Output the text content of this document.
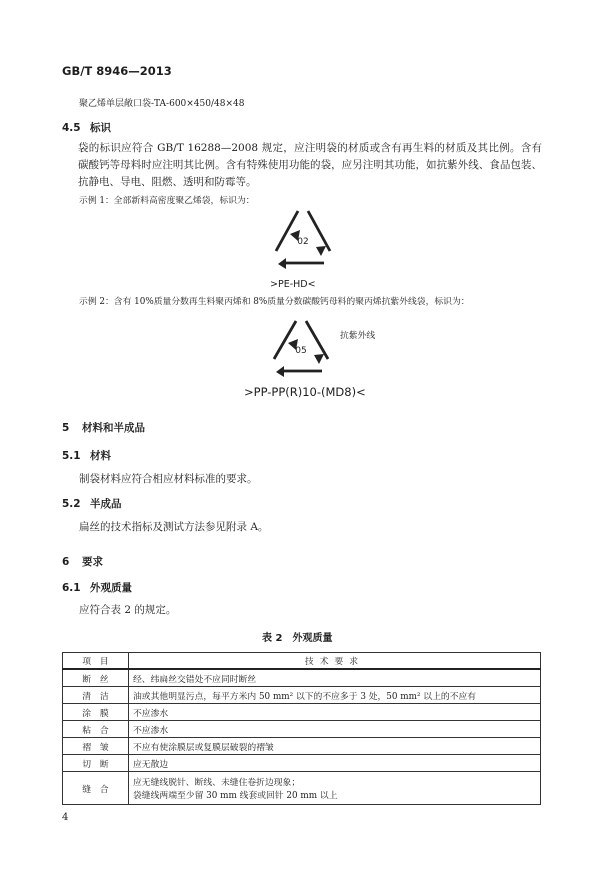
GB/T 8946—2013
聚乙烯单层敞口袋-TA-600×450/48×48
4.5 标识
袋的标识应符合 GB/T 16288—2008 规定，应注明袋的材质或含有再生料的材质及其比例。含有碳酸钙等母料时应注明其比例。含有特殊使用功能的袋，应另注明其功能，如抗紫外线、食品包装、抗静电、导电、阻燃、透明和防霉等。
示例 1：全部新料高密度聚乙烯袋，标识为：
02
>PE-HD<
示例 2：含有 10%质量分数再生料聚丙烯和 8%质量分数碳酸钙母料的聚丙烯抗紫外线袋，标识为：
05
抗紫外线
>PP-PP(R)10-(MD8)<
5 材料和半成品
5.1 材料
制袋材料应符合相应材料标准的要求。
5.2 半成品
扁丝的技术指标及测试方法参见附录 A。
6 要求
6.1 外观质量
应符合表 2 的规定。
表 2　外观质量
项　目	技术要求
断　丝	经、纬扁丝交错处不应同时断丝
清　洁	油或其他明显污点，每平方米内 50 mm² 以下的不应多于 3 处，50 mm² 以上的不应有
涂　膜	不应渗水
粘　合	不应渗水
褶　皱	不应有使涂膜层或复膜层破裂的褶皱
切　断	应无散边
缝　合	应无缝线脱针、断线、未缝住卷折边现象；
袋缝线两端至少留 30 mm 线套或回针 20 mm 以上
4
